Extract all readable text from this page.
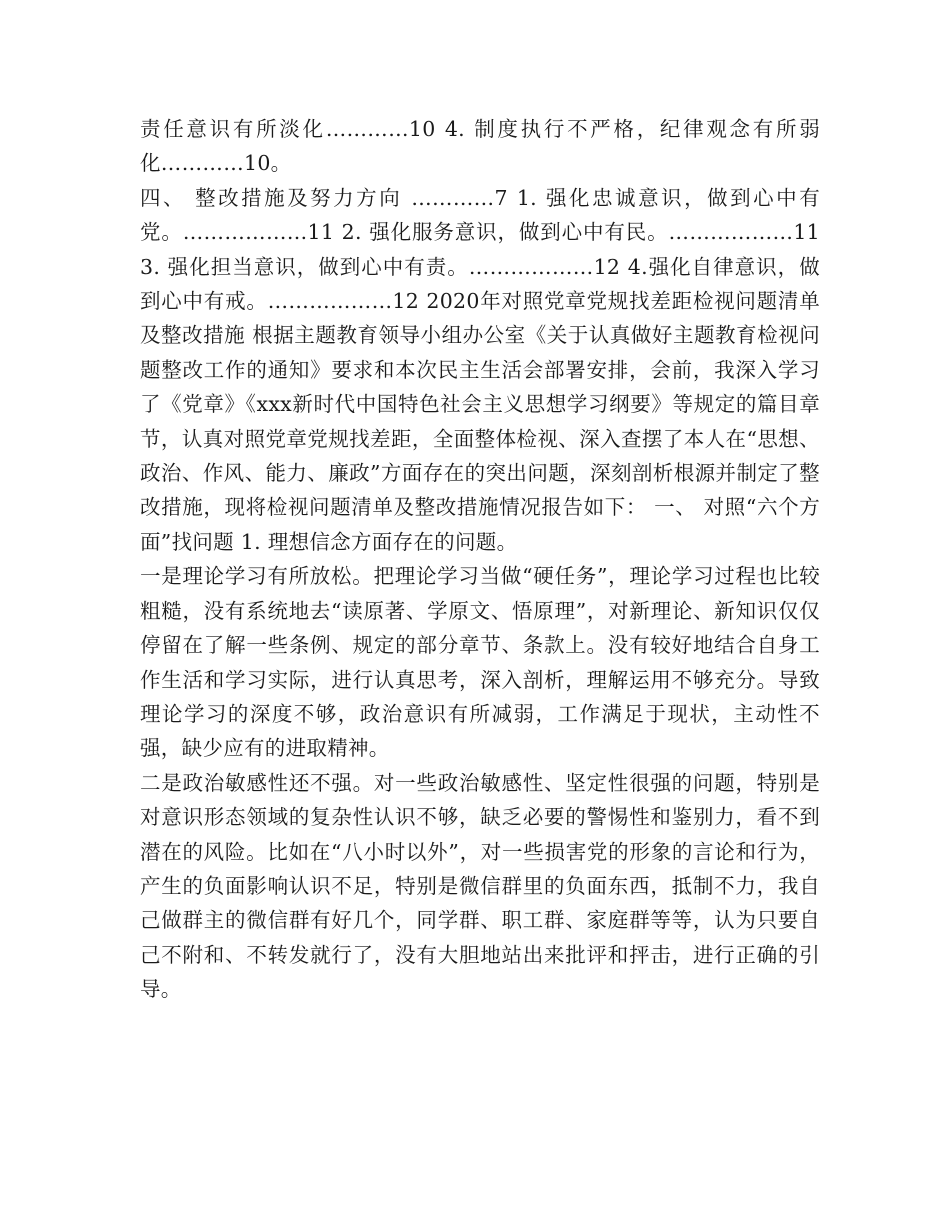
责任意识有所淡化…………10 4. 制度执行不严格，纪律观念有所弱化…………10。

四、 整改措施及努力方向 …………7 1. 强化忠诚意识，做到心中有党。………………11 2. 强化服务意识，做到心中有民。………………11 3. 强化担当意识，做到心中有责。………………12 4.强化自律意识，做到心中有戒。………………12 2020年对照党章党规找差距检视问题清单及整改措施 根据主题教育领导小组办公室《关于认真做好主题教育检视问题整改工作的通知》要求和本次民主生活会部署安排，会前，我深入学习了《党章》《xxx新时代中国特色社会主义思想学习纲要》等规定的篇目章节，认真对照党章党规找差距，全面整体检视、深入查摆了本人在“思想、政治、作风、能力、廉政”方面存在的突出问题，深刻剖析根源并制定了整改措施，现将检视问题清单及整改措施情况报告如下： 一、 对照“六个方面”找问题 1. 理想信念方面存在的问题。

一是理论学习有所放松。把理论学习当做“硬任务”，理论学习过程也比较粗糙，没有系统地去“读原著、学原文、悟原理”，对新理论、新知识仅仅停留在了解一些条例、规定的部分章节、条款上。没有较好地结合自身工作生活和学习实际，进行认真思考，深入剖析，理解运用不够充分。导致理论学习的深度不够，政治意识有所减弱，工作满足于现状，主动性不强，缺少应有的进取精神。

二是政治敏感性还不强。对一些政治敏感性、坚定性很强的问题，特别是对意识形态领域的复杂性认识不够，缺乏必要的警惕性和鉴别力，看不到潜在的风险。比如在“八小时以外”，对一些损害党的形象的言论和行为，产生的负面影响认识不足，特别是微信群里的负面东西，抵制不力，我自己做群主的微信群有好几个，同学群、职工群、家庭群等等，认为只要自己不附和、不转发就行了，没有大胆地站出来批评和抨击，进行正确的引导。
